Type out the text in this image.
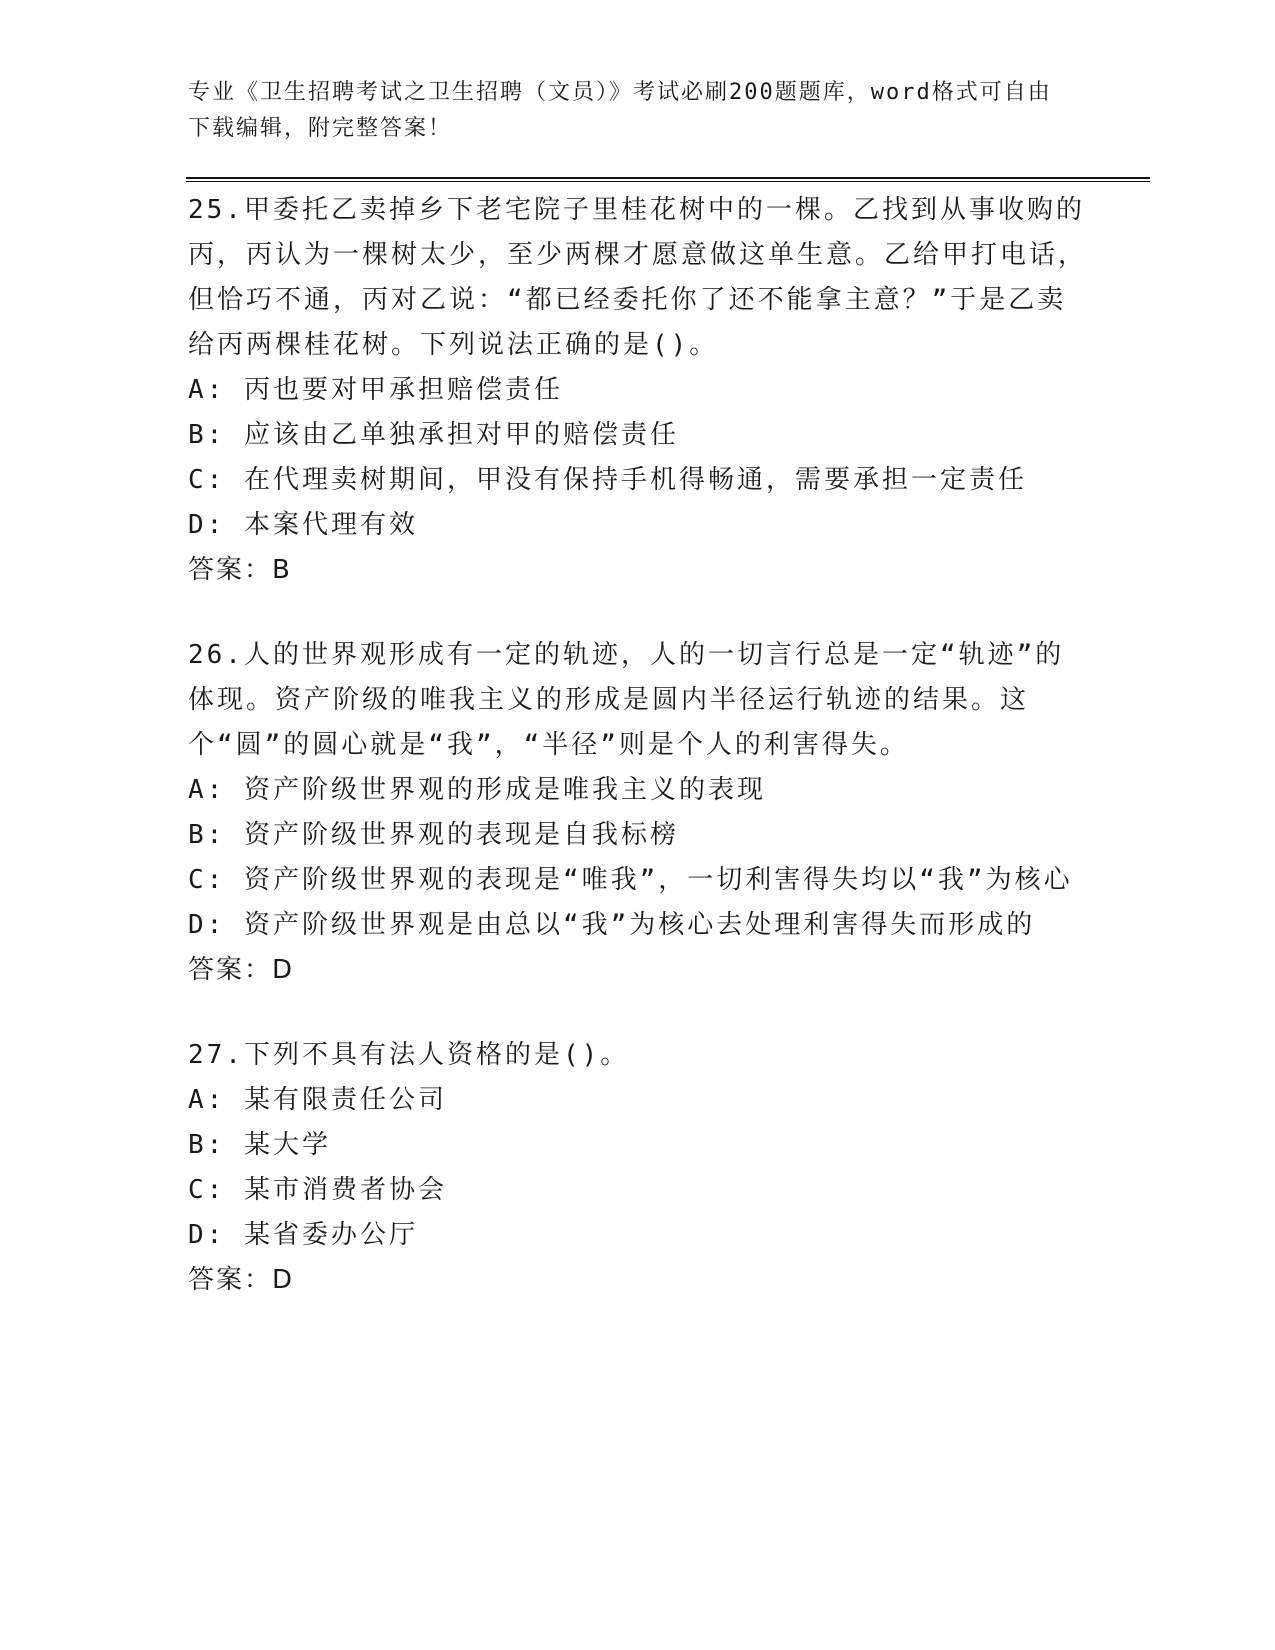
专业《卫生招聘考试之卫生招聘（文员）》考试必刷200题题库，word格式可自由下载编辑，附完整答案！

25.甲委托乙卖掉乡下老宅院子里桂花树中的一棵。乙找到从事收购的丙，丙认为一棵树太少，至少两棵才愿意做这单生意。乙给甲打电话，但恰巧不通，丙对乙说：“都已经委托你了还不能拿主意？”于是乙卖给丙两棵桂花树。下列说法正确的是()。

A: 丙也要对甲承担赔偿责任

B: 应该由乙单独承担对甲的赔偿责任

C: 在代理卖树期间，甲没有保持手机得畅通，需要承担一定责任

D: 本案代理有效

答案：B

26.人的世界观形成有一定的轨迹，人的一切言行总是一定“轨迹”的体现。资产阶级的唯我主义的形成是圆内半径运行轨迹的结果。这个“圆”的圆心就是“我”，“半径”则是个人的利害得失。

A: 资产阶级世界观的形成是唯我主义的表现

B: 资产阶级世界观的表现是自我标榜

C: 资产阶级世界观的表现是“唯我”，一切利害得失均以“我”为核心

D: 资产阶级世界观是由总以“我”为核心去处理利害得失而形成的

答案：D

27.下列不具有法人资格的是()。

A: 某有限责任公司

B: 某大学

C: 某市消费者协会

D: 某省委办公厅

答案：D
